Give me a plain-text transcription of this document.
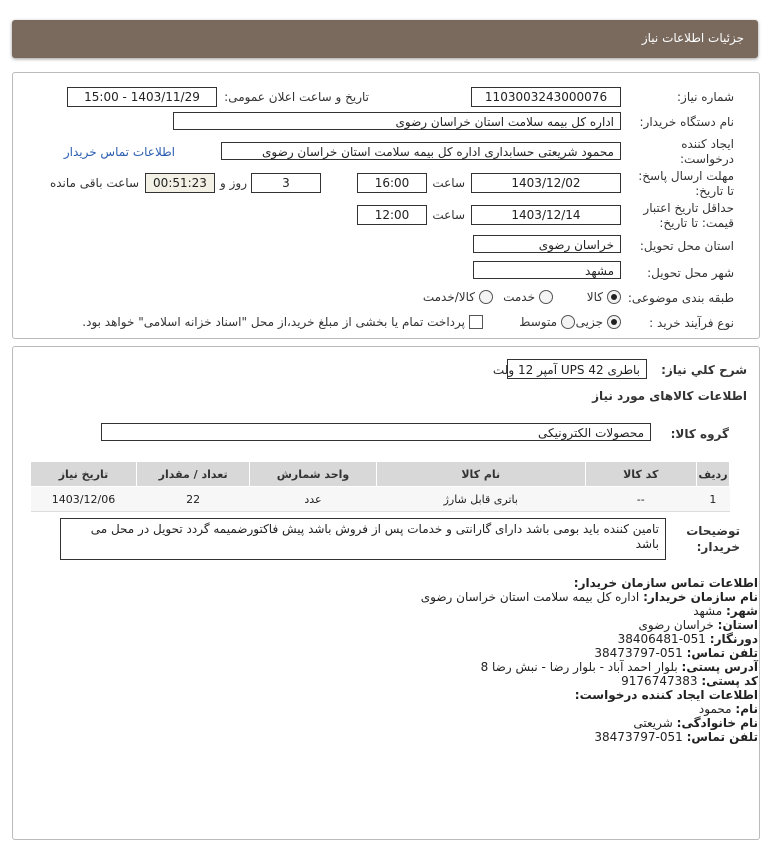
جزئیات اطلاعات نیاز
شماره نیاز:
1103003243000076
تاریخ و ساعت اعلان عمومی:
1403/11/29 - 15:00
نام دستگاه خریدار:
اداره کل بیمه سلامت استان خراسان رضوی
ایجاد کننده
درخواست:
محمود شریعتی حسابداری اداره کل بیمه سلامت استان خراسان رضوی
اطلاعات تماس خریدار
مهلت ارسال پاسخ:
تا تاریخ:
1403/12/02
ساعت
16:00
3
روز و
00:51:23
ساعت باقی مانده
حداقل تاریخ اعتبار
قیمت: تا تاریخ:
1403/12/14
ساعت
12:00
استان محل تحویل:
خراسان رضوی
شهر محل تحویل:
مشهد
طبقه بندی موضوعی:
کالا
خدمت
کالا/خدمت
نوع فرآیند خرید :
جزیی
متوسط
پرداخت تمام یا بخشی از مبلغ خرید،از محل "اسناد خزانه اسلامی" خواهد بود.
شرح كلي نياز:
باطری UPS 42 آمپر 12 ولت
اطلاعات کالاهای مورد نیاز
گروه کالا:
محصولات الکترونیکی
ردیف	کد کالا	نام کالا	واحد شمارش	تعداد / مقدار	تاریخ نیاز
1	--	باتری قابل شارژ	عدد	22	1403/12/06
توضیحات
خریدار:
تامین کننده باید بومی باشد دارای گارانتی و خدمات پس از فروش باشد پیش فاکتورضمیمه گردد تحویل در محل می باشد
اطلاعات تماس سازمان خریدار:
نام سازمان خریدار: اداره کل بیمه سلامت استان خراسان رضوی
شهر: مشهد
استان: خراسان رضوی
دورنگار: 051-38406481
تلفن تماس: 051-38473797
آدرس پستی: بلوار احمد آباد - بلوار رضا - نبش رضا 8
کد پستی: 9176747383
اطلاعات ایجاد کننده درخواست:
نام: محمود
نام خانوادگی: شریعتی
تلفن تماس: 051-38473797
